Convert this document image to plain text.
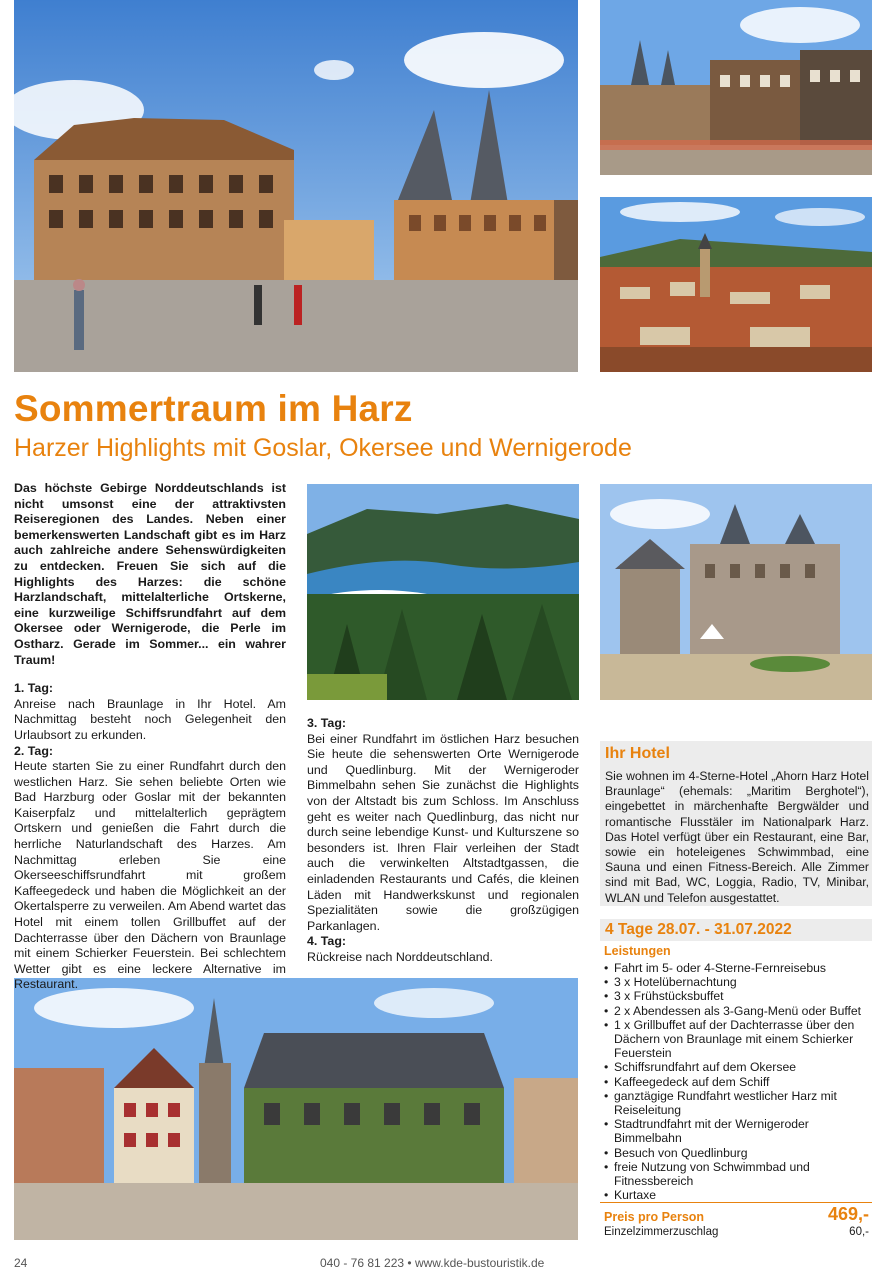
Sommertraum im Harz
Harzer Highlights mit Goslar, Okersee und Wernigerode
Das höchste Gebirge Norddeutschlands ist nicht umsonst eine der attraktivsten Reiseregionen des Landes. Neben einer bemerkenswerten Landschaft gibt es im Harz auch zahlreiche andere Sehenswürdigkeiten zu entdecken. Freuen Sie sich auf die Highlights des Harzes: die schöne Harzlandschaft, mittelalterliche Ortskerne, eine kurzweilige Schiffsrundfahrt auf dem Okersee oder Wernigerode, die Perle im Ostharz. Gerade im Sommer... ein wahrer Traum!
1. Tag:
Anreise nach Braunlage in Ihr Hotel. Am Nachmittag besteht noch Gelegenheit den Urlaubsort zu erkunden.
2. Tag:
Heute starten Sie zu einer Rundfahrt durch den westlichen Harz. Sie sehen beliebte Orten wie Bad Harzburg oder Goslar mit der bekannten Kaiserpfalz und mittelalterlich geprägtem Ortskern und genießen die Fahrt durch die herrliche Naturlandschaft des Harzes. Am Nachmittag erleben Sie eine Okerseeschiffsrundfahrt mit großem Kaffeegedeck und haben die Möglichkeit an der Okertalsperre zu verweilen. Am Abend wartet das Hotel mit einem tollen Grillbuffet auf der Dachterrasse über den Dächern von Braunlage mit einem Schierker Feuerstein. Bei schlechtem Wetter gibt es eine leckere Alternative im Restaurant.
3. Tag:
Bei einer Rundfahrt im östlichen Harz besuchen Sie heute die sehenswerten Orte Wernigerode und Quedlinburg. Mit der Wernigeroder Bimmelbahn sehen Sie zunächst die Highlights von der Altstadt bis zum Schloss. Im Anschluss geht es weiter nach Quedlinburg, das nicht nur durch seine lebendige Kunst- und Kulturszene so besonders ist. Ihren Flair verleihen der Stadt auch die verwinkelten Altstadtgassen, die einladenden Restaurants und Cafés, die kleinen Läden mit Handwerkskunst und regionalen Spezialitäten sowie die großzügigen Parkanlagen.
4. Tag:
Rückreise nach Norddeutschland.
Ihr Hotel
Sie wohnen im 4-Sterne-Hotel „Ahorn Harz Hotel Braunlage“ (ehemals: „Maritim Berghotel“), eingebettet in märchenhafte Bergwälder und romantische Flusstäler im Nationalpark Harz. Das Hotel verfügt über ein Restaurant, eine Bar, sowie ein hoteleigenes Schwimmbad, eine Sauna und einen Fitness-Bereich. Alle Zimmer sind mit Bad, WC, Loggia, Radio, TV, Minibar, WLAN und Telefon ausgestattet.
4 Tage 28.07. - 31.07.2022
Leistungen
• Fahrt im 5- oder 4-Sterne-Fernreisebus
• 3 x Hotelübernachtung
• 3 x Frühstücksbuffet
• 2 x Abendessen als 3-Gang-Menü oder Buffet
• 1 x Grillbuffet auf der Dachterrasse über den Dächern von Braunlage mit einem Schierker Feuerstein
• Schiffsrundfahrt auf dem Okersee
• Kaffeegedeck auf dem Schiff
• ganztägige Rundfahrt westlicher Harz mit Reiseleitung
• Stadtrundfahrt mit der Wernigeroder Bimmelbahn
• Besuch von Quedlinburg
• freie Nutzung von Schwimmbad und Fitnessbereich
• Kurtaxe
Preis pro Person	469,-
Einzelzimmerzuschlag	60,-
24	040 - 76 81 223 • www.kde-bustouristik.de
